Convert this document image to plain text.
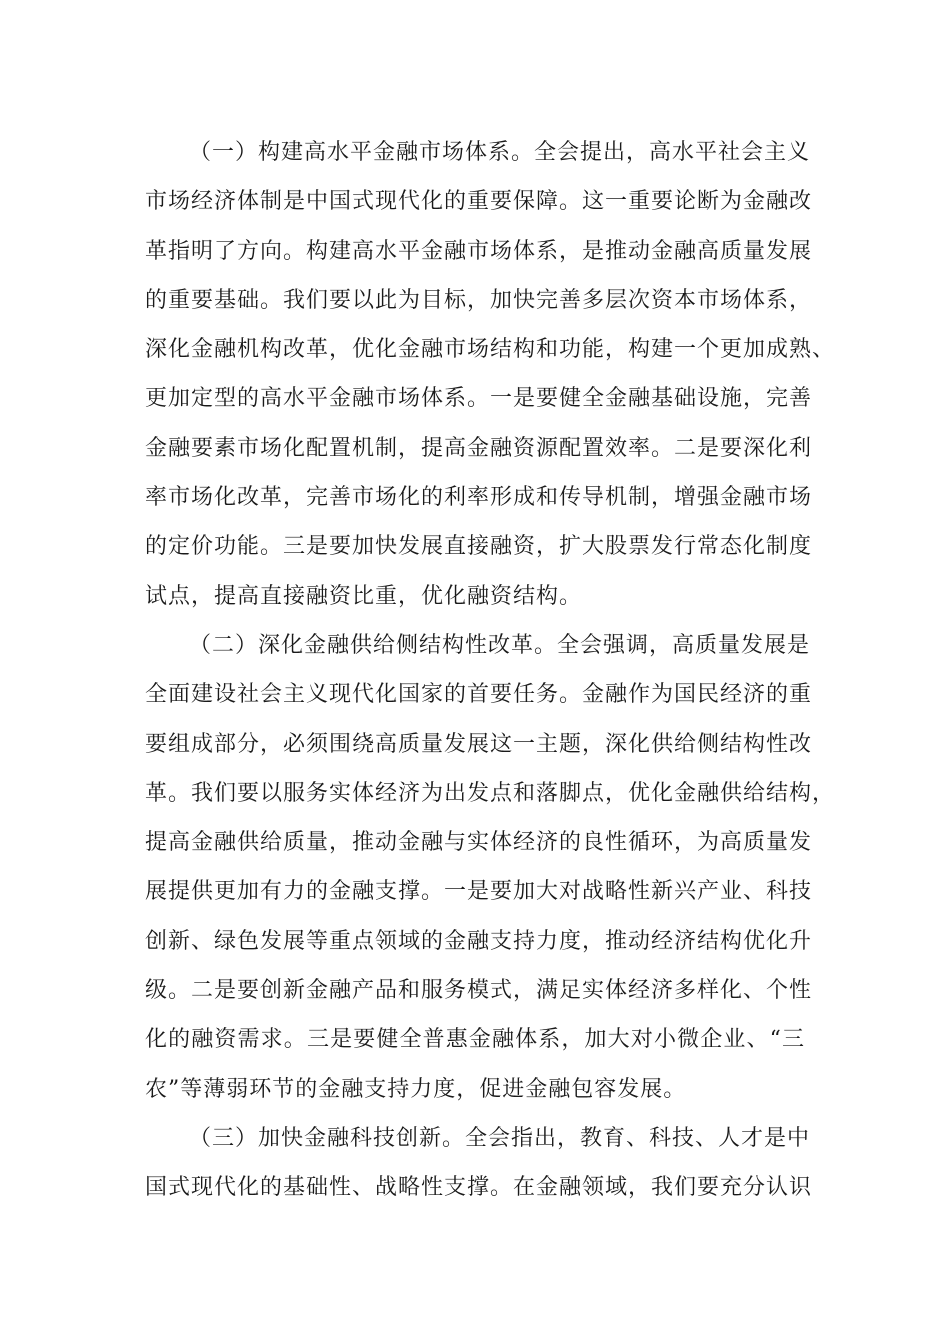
（一）构建高水平金融市场体系。全会提出，高水平社会主义
市场经济体制是中国式现代化的重要保障。这一重要论断为金融改
革指明了方向。构建高水平金融市场体系，是推动金融高质量发展
的重要基础。我们要以此为目标，加快完善多层次资本市场体系，
深化金融机构改革，优化金融市场结构和功能，构建一个更加成熟、
更加定型的高水平金融市场体系。一是要健全金融基础设施，完善
金融要素市场化配置机制，提高金融资源配置效率。二是要深化利
率市场化改革，完善市场化的利率形成和传导机制，增强金融市场
的定价功能。三是要加快发展直接融资，扩大股票发行常态化制度
试点，提高直接融资比重，优化融资结构。

（二）深化金融供给侧结构性改革。全会强调，高质量发展是
全面建设社会主义现代化国家的首要任务。金融作为国民经济的重
要组成部分，必须围绕高质量发展这一主题，深化供给侧结构性改
革。我们要以服务实体经济为出发点和落脚点，优化金融供给结构，
提高金融供给质量，推动金融与实体经济的良性循环，为高质量发
展提供更加有力的金融支撑。一是要加大对战略性新兴产业、科技
创新、绿色发展等重点领域的金融支持力度，推动经济结构优化升
级。二是要创新金融产品和服务模式，满足实体经济多样化、个性
化的融资需求。三是要健全普惠金融体系，加大对小微企业、“三
农”等薄弱环节的金融支持力度，促进金融包容发展。

（三）加快金融科技创新。全会指出，教育、科技、人才是中
国式现代化的基础性、战略性支撑。在金融领域，我们要充分认识
